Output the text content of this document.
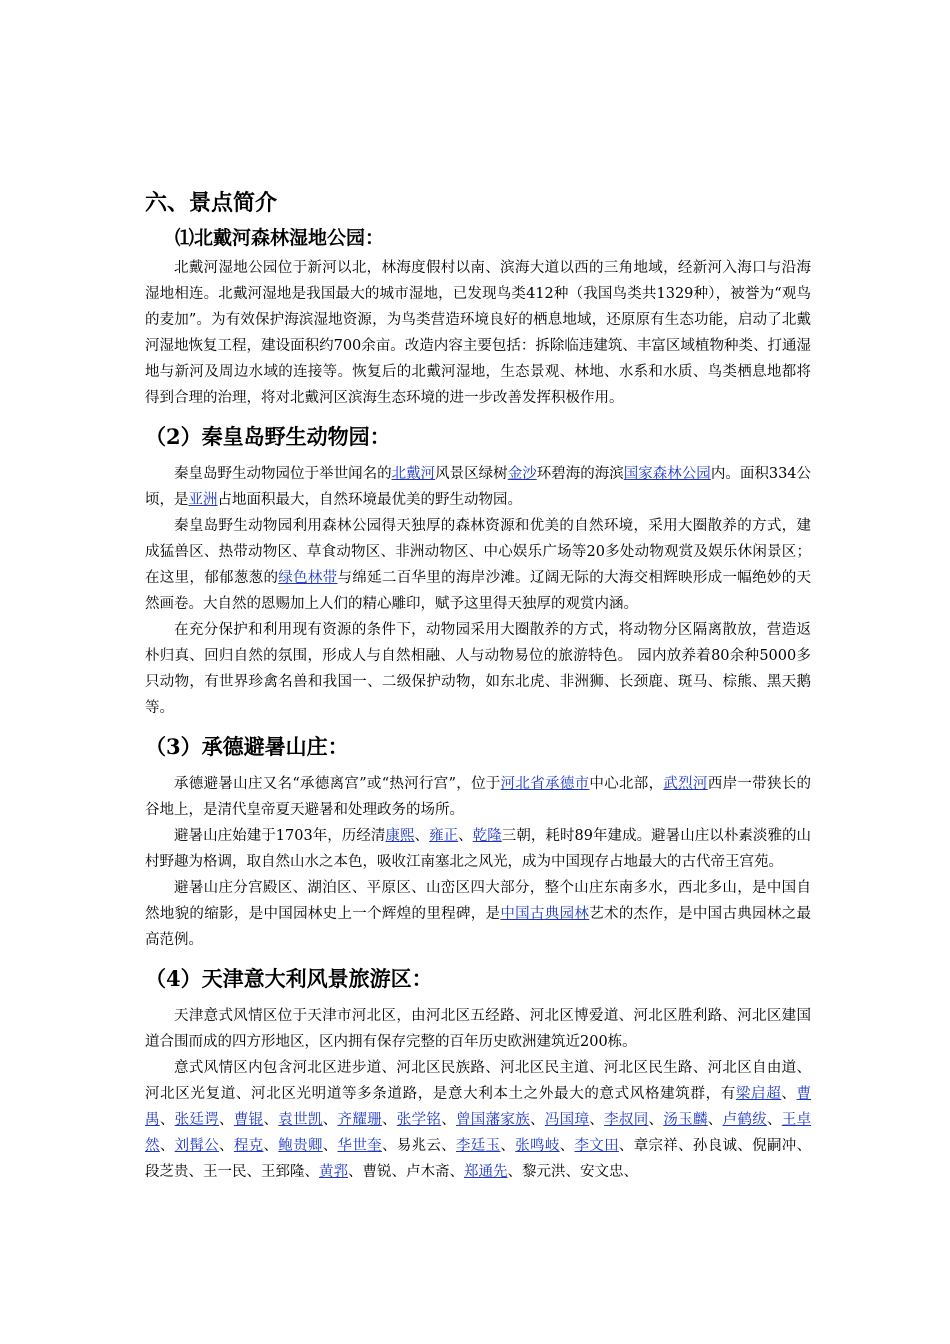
六、景点简介
⑴北戴河森林湿地公园：

北戴河湿地公园位于新河以北，林海度假村以南、滨海大道以西的三角地域，经新河入海口与沿海湿地相连。北戴河湿地是我国最大的城市湿地，已发现鸟类412种（我国鸟类共1329种），被誉为“观鸟的麦加”。为有效保护海滨湿地资源，为鸟类营造环境良好的栖息地域，还原原有生态功能，启动了北戴河湿地恢复工程，建设面积约700余亩。改造内容主要包括：拆除临违建筑、丰富区域植物种类、打通湿地与新河及周边水域的连接等。恢复后的北戴河湿地，生态景观、林地、水系和水质、鸟类栖息地都将得到合理的治理，将对北戴河区滨海生态环境的进一步改善发挥积极作用。

（2）秦皇岛野生动物园：

秦皇岛野生动物园位于举世闻名的北戴河风景区绿树金沙环碧海的海滨国家森林公园内。面积334公顷，是亚洲占地面积最大，自然环境最优美的野生动物园。

秦皇岛野生动物园利用森林公园得天独厚的森林资源和优美的自然环境，采用大圈散养的方式，建成猛兽区、热带动物区、草食动物区、非洲动物区、中心娱乐广场等20多处动物观赏及娱乐休闲景区；在这里，郁郁葱葱的绿色林带与绵延二百华里的海岸沙滩。辽阔无际的大海交相辉映形成一幅绝妙的天然画卷。大自然的恩赐加上人们的精心雕印，赋予这里得天独厚的观赏内涵。

在充分保护和利用现有资源的条件下，动物园采用大圈散养的方式，将动物分区隔离散放，营造返朴归真、回归自然的氛围，形成人与自然相融、人与动物易位的旅游特色。 园内放养着80余种5000多只动物，有世界珍禽名兽和我国一、二级保护动物，如东北虎、非洲狮、长颈鹿、斑马、棕熊、黑天鹅等。

（3）承德避暑山庄：

承德避暑山庄又名“承德离宫”或“热河行宫”，位于河北省承德市中心北部，武烈河西岸一带狭长的谷地上，是清代皇帝夏天避暑和处理政务的场所。

避暑山庄始建于1703年，历经清康熙、雍正、乾隆三朝，耗时89年建成。避暑山庄以朴素淡雅的山村野趣为格调，取自然山水之本色，吸收江南塞北之风光，成为中国现存占地最大的古代帝王宫苑。

避暑山庄分宫殿区、湖泊区、平原区、山峦区四大部分，整个山庄东南多水，西北多山，是中国自然地貌的缩影，是中国园林史上一个辉煌的里程碑，是中国古典园林艺术的杰作，是中国古典园林之最高范例。

（4）天津意大利风景旅游区：

天津意式风情区位于天津市河北区，由河北区五经路、河北区博爱道、河北区胜利路、河北区建国道合围而成的四方形地区，区内拥有保存完整的百年历史欧洲建筑近200栋。

意式风情区内包含河北区进步道、河北区民族路、河北区民主道、河北区民生路、河北区自由道、河北区光复道、河北区光明道等多条道路，是意大利本土之外最大的意式风格建筑群，有梁启超、曹禺、张廷谔、曹锟、袁世凯、齐耀珊、张学铭、曾国藩家族、冯国璋、李叔同、汤玉麟、卢鹤绂、王卓然、刘髯公、程克、鲍贵卿、华世奎、易兆云、李廷玉、张鸣岐、李文田、章宗祥、孙良诚、倪嗣冲、段芝贵、王一民、王郅隆、黄郛、曹锐、卢木斋、郑通先、黎元洪、安文忠、
